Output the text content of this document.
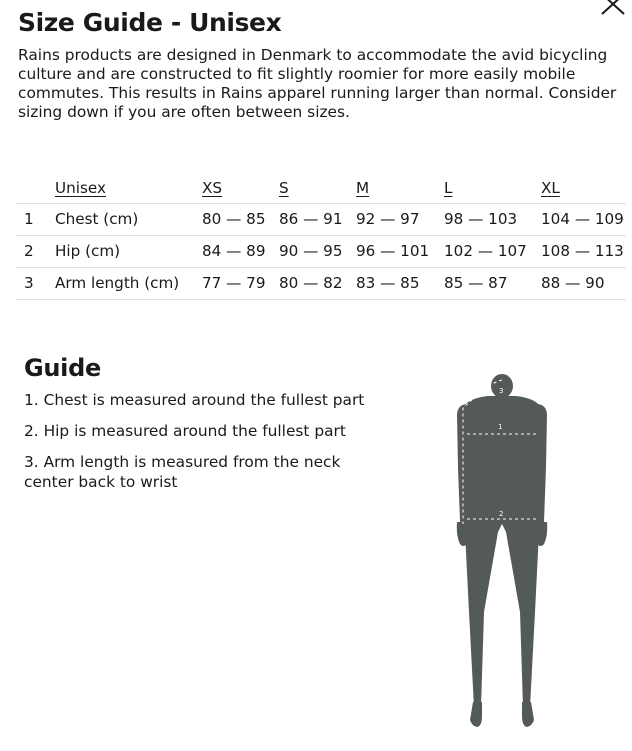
Size Guide - Unisex

Rains products are designed in Denmark to accommodate the avid bicycling culture and are constructed to fit slightly roomier for more easily mobile commutes. This results in Rains apparel running larger than normal. Consider sizing down if you are often between sizes.

	Unisex	XS	S	M	L	XL
1	Chest (cm)	80 — 85	86 — 91	92 — 97	98 — 103	104 — 109
2	Hip (cm)	84 — 89	90 — 95	96 — 101	102 — 107	108 — 113
3	Arm length (cm)	77 — 79	80 — 82	83 — 85	85 — 87	88 — 90
Guide
1. Chest is measured around the fullest part
2. Hip is measured around the fullest part
3. Arm length is measured from the neck center back to wrist
3
1
2
